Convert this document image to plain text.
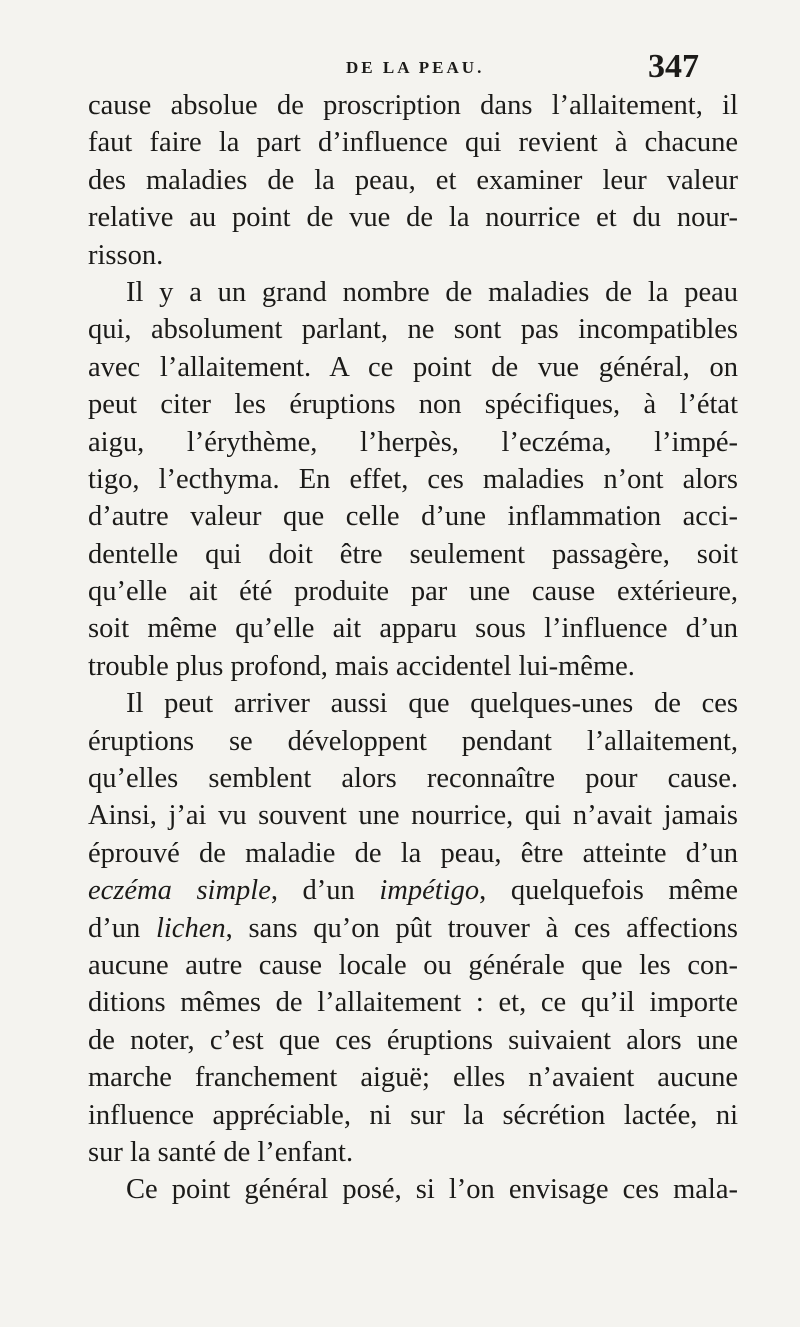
DE LA PEAU.	347
cause absolue de proscription dans l’allaitement, il
faut faire la part d’influence qui revient à chacune
des maladies de la peau, et examiner leur valeur
relative au point de vue de la nourrice et du nour-
risson.
Il y a un grand nombre de maladies de la peau
qui, absolument parlant, ne sont pas incompatibles
avec l’allaitement. A ce point de vue général, on
peut citer les éruptions non spécifiques, à l’état
aigu, l’érythème, l’herpès, l’eczéma, l’impé-
tigo, l’ecthyma. En effet, ces maladies n’ont alors
d’autre valeur que celle d’une inflammation acci-
dentelle qui doit être seulement passagère, soit
qu’elle ait été produite par une cause extérieure,
soit même qu’elle ait apparu sous l’influence d’un
trouble plus profond, mais accidentel lui-même.
Il peut arriver aussi que quelques-unes de ces
éruptions se développent pendant l’allaitement,
qu’elles semblent alors reconnaître pour cause.
Ainsi, j’ai vu souvent une nourrice, qui n’avait jamais
éprouvé de maladie de la peau, être atteinte d’un
eczéma simple, d’un impétigo, quelquefois même
d’un lichen, sans qu’on pût trouver à ces affections
aucune autre cause locale ou générale que les con-
ditions mêmes de l’allaitement : et, ce qu’il importe
de noter, c’est que ces éruptions suivaient alors une
marche franchement aiguë; elles n’avaient aucune
influence appréciable, ni sur la sécrétion lactée, ni
sur la santé de l’enfant.
Ce point général posé, si l’on envisage ces mala-
